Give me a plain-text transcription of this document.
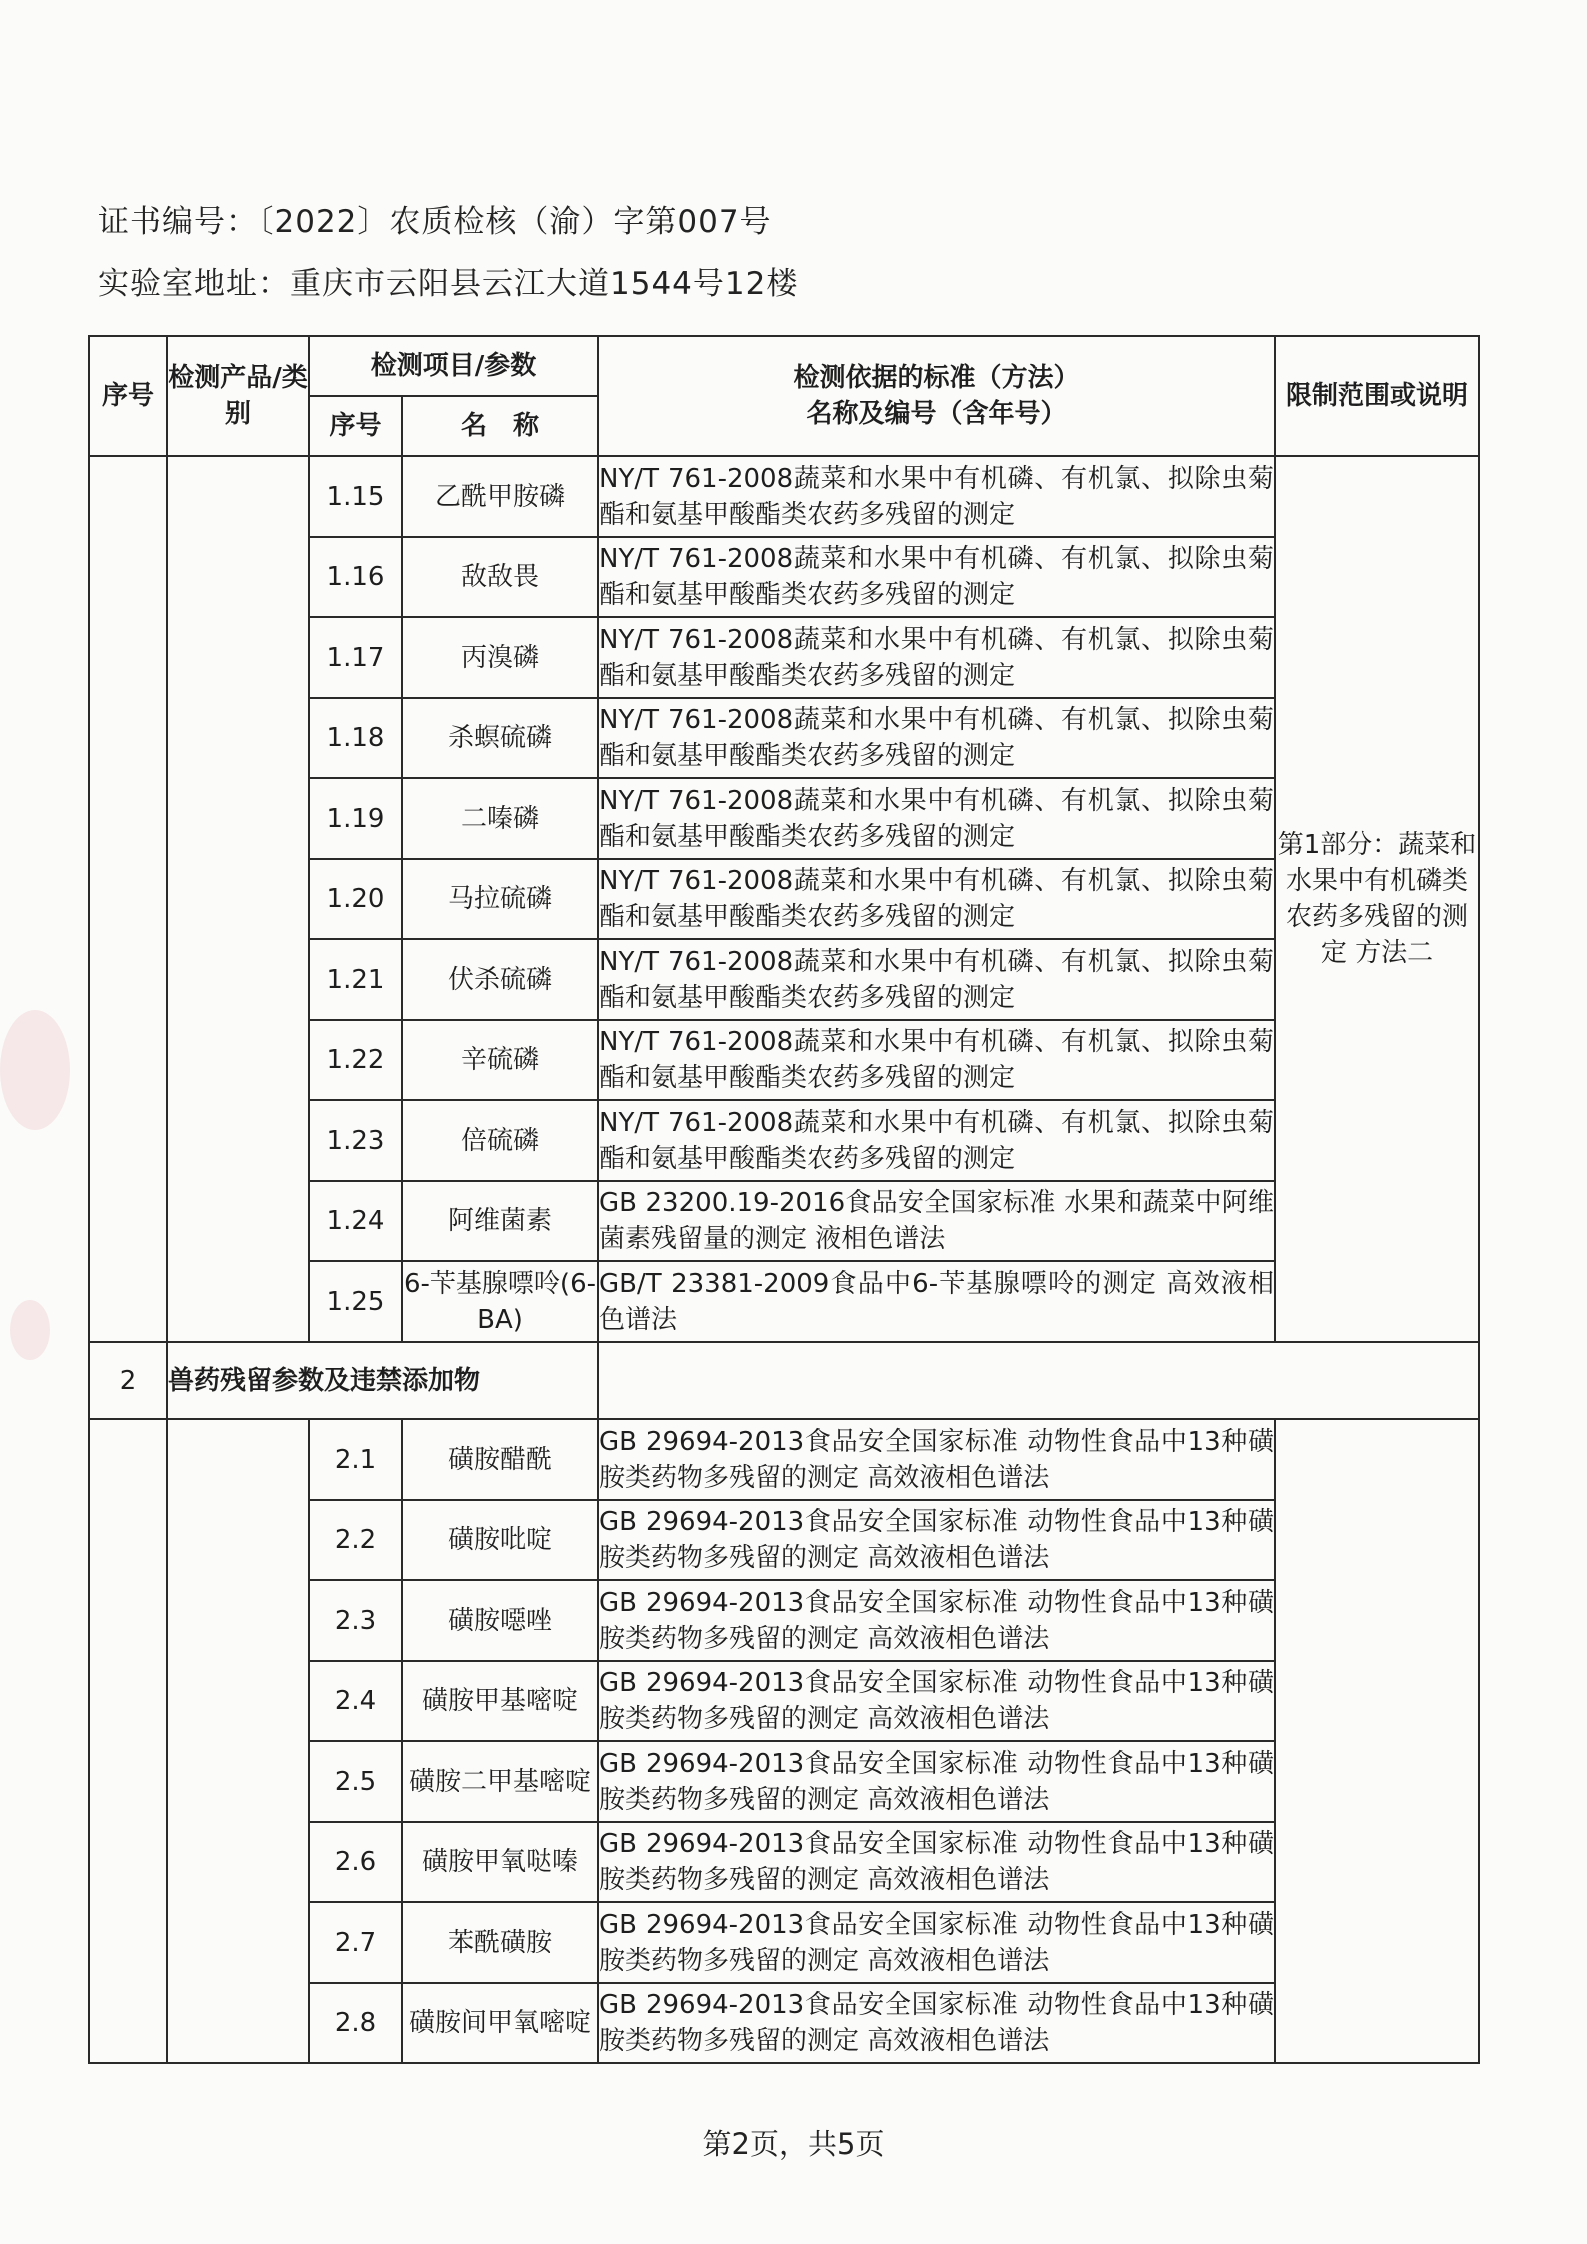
证书编号：〔2022〕农质检核（渝）字第007号
实验室地址：重庆市云阳县云江大道1544号12楼
序号	检测产品/类别	检测项目/参数		检测依据的标准（方法）
名称及编号（含年号）	限制范围或说明
		序号	名　称		
		1.15	乙酰甲胺磷	NY/T 761-2008蔬菜和水果中有机磷、有机氯、拟除虫菊酯和氨基甲酸酯类农药多残留的测定	第1部分：蔬菜和水果中有机磷类农药多残留的测定 方法二
		1.16	敌敌畏	NY/T 761-2008蔬菜和水果中有机磷、有机氯、拟除虫菊酯和氨基甲酸酯类农药多残留的测定	
		1.17	丙溴磷	NY/T 761-2008蔬菜和水果中有机磷、有机氯、拟除虫菊酯和氨基甲酸酯类农药多残留的测定	
		1.18	杀螟硫磷	NY/T 761-2008蔬菜和水果中有机磷、有机氯、拟除虫菊酯和氨基甲酸酯类农药多残留的测定	
		1.19	二嗪磷	NY/T 761-2008蔬菜和水果中有机磷、有机氯、拟除虫菊酯和氨基甲酸酯类农药多残留的测定	
		1.20	马拉硫磷	NY/T 761-2008蔬菜和水果中有机磷、有机氯、拟除虫菊酯和氨基甲酸酯类农药多残留的测定	
		1.21	伏杀硫磷	NY/T 761-2008蔬菜和水果中有机磷、有机氯、拟除虫菊酯和氨基甲酸酯类农药多残留的测定	
		1.22	辛硫磷	NY/T 761-2008蔬菜和水果中有机磷、有机氯、拟除虫菊酯和氨基甲酸酯类农药多残留的测定	
		1.23	倍硫磷	NY/T 761-2008蔬菜和水果中有机磷、有机氯、拟除虫菊酯和氨基甲酸酯类农药多残留的测定	
		1.24	阿维菌素	GB 23200.19-2016食品安全国家标准 水果和蔬菜中阿维菌素残留量的测定 液相色谱法	
		1.25	6-苄基腺嘌呤(6-BA)	GB/T 23381-2009食品中6-苄基腺嘌呤的测定 高效液相色谱法	
2	兽药残留参数及违禁添加物				
		2.1	磺胺醋酰	GB 29694-2013食品安全国家标准 动物性食品中13种磺胺类药物多残留的测定 高效液相色谱法	
		2.2	磺胺吡啶	GB 29694-2013食品安全国家标准 动物性食品中13种磺胺类药物多残留的测定 高效液相色谱法	
		2.3	磺胺噁唑	GB 29694-2013食品安全国家标准 动物性食品中13种磺胺类药物多残留的测定 高效液相色谱法	
		2.4	磺胺甲基嘧啶	GB 29694-2013食品安全国家标准 动物性食品中13种磺胺类药物多残留的测定 高效液相色谱法	
		2.5	磺胺二甲基嘧啶	GB 29694-2013食品安全国家标准 动物性食品中13种磺胺类药物多残留的测定 高效液相色谱法	
		2.6	磺胺甲氧哒嗪	GB 29694-2013食品安全国家标准 动物性食品中13种磺胺类药物多残留的测定 高效液相色谱法	
		2.7	苯酰磺胺	GB 29694-2013食品安全国家标准 动物性食品中13种磺胺类药物多残留的测定 高效液相色谱法	
		2.8	磺胺间甲氧嘧啶	GB 29694-2013食品安全国家标准 动物性食品中13种磺胺类药物多残留的测定 高效液相色谱法	
第2页，共5页
